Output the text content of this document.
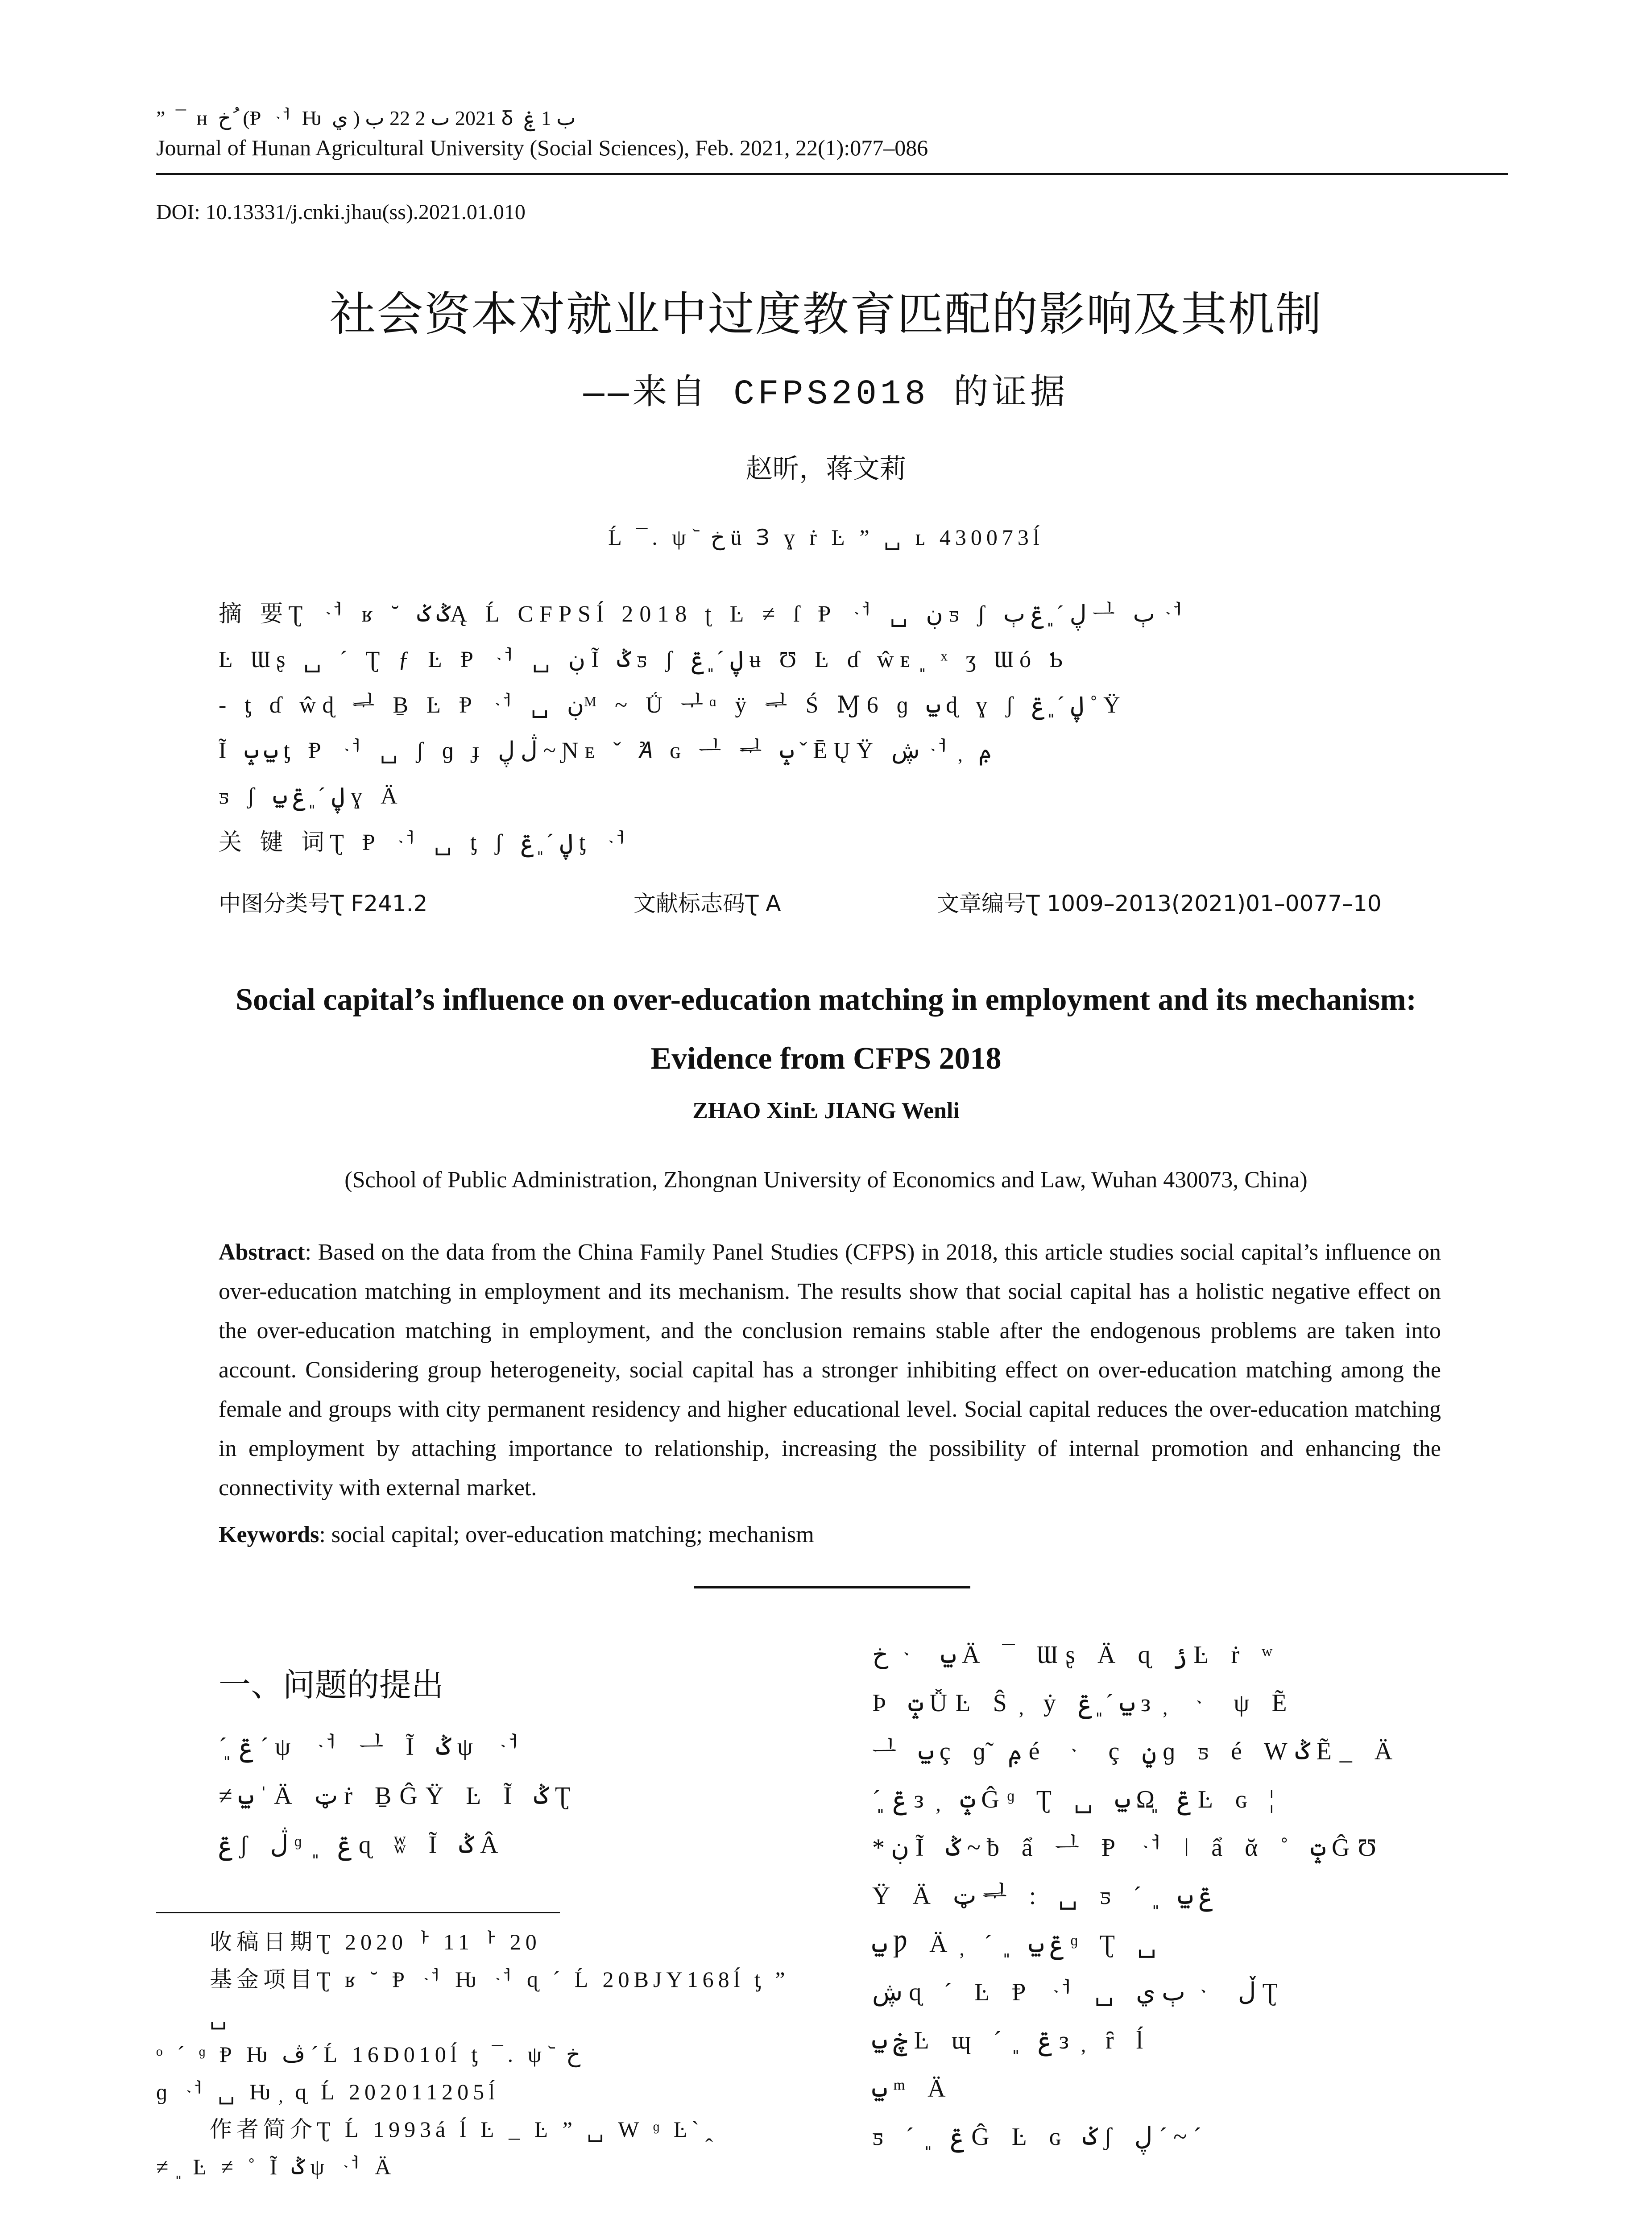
” ¯ ʜ خ ُ (Ᵽ ᆟ Ƕ ي ) 2021 ٮ 2 22 ب Ᵹ ب 1 ۼ
Journal of Hunan Agricultural University (Social Sciences), Feb. 2021, 22(1):077–086
DOI: 10.13331/j.cnki.jhau(ss).2021.01.010
社会资本对就业中过度教育匹配的影响及其机制
——来自 CFPS2018 的证据
赵昕，蒋文莉
Ĺ ¯. ψ ᷅ خ ü Ɜ ɣ ṙ Ŀ ” ␣ ʟ 430073ĺ
摘 要Ʈ ᆟ ʁ ˘ ݣ ݢĄ Ĺ CFPSĺ 2018 ʈ Ŀ ≠ ſ Ᵽ ᆟ ␣ ڹ ƽ ʃ ڸ ˊ ͈ ݝ ٻ ᆜ ٻ ᆟ
Ŀ Ɯʂ ␣ ˊ Ʈ ƒ Ŀ Ᵽ ᆟ ␣ ڹ Ĩ ݣ ƽ ʃ ڸ ˊ ͈ ݝ ʉ Ʊ Ŀ ɗ ŵᴇ ͈ ˣ ʒ Ɯó Ƅ
‐ ƫ ɗ ŵɖ ᆗ Ḇ Ŀ Ᵽ ᆟ ␣ ڹᴹ ~ Ǘ ᆛᵅ ÿ ᆗ Ś Ɱ6 ɡ ݐ ɖ ɣ ʃ ڸ ˊ ͈ ݝ ˚ Ÿ
Ĩ ݐ ݒ ƫ Ᵽ ᆟ ␣ ʃ ɡ ɟ ڷ ڸ ~ Ɲᴇ ˇ Ꞻ ɢ ᆜ ᆗ ݒ ˇ ĒŲŸ ڜ ᆟ ̦ ݦ
ƽ ʃ ڸ ˊ ͈ ݝ ݐ ɣ Ä
关 键 词Ʈ Ᵽ ᆟ ␣ ƫ ʃ ڸ ˊ ͈ ݝ ƫ ᆟ
中图分类号Ʈ F241.2	文献标志码Ʈ A	文章编号Ʈ 1009–2013(2021)01–0077–10
Social capital’s influence on over-education matching in employment and its mechanism:
Evidence from CFPS 2018
ZHAO XinĿ JIANG Wenli
(School of Public Administration, Zhongnan University of Economics and Law, Wuhan 430073, China)
Abstract: Based on the data from the China Family Panel Studies (CFPS) in 2018, this article studies social capital’s influence on over-education matching in employment and its mechanism. The results show that social capital has a holistic negative effect on the over-education matching in employment, and the conclusion remains stable after the endogenous problems are taken into account. Considering group heterogeneity, social capital has a stronger inhibiting effect on over-education matching among the female and groups with city permanent residency and higher educational level. Social capital reduces the over-education matching in employment by attaching importance to relationship, increasing the possibility of internal promotion and enhancing the connectivity with external market.
Keywords: social capital; over-education matching; mechanism
一、问题的提出
ˊ ͈ ݝ ˊ ψ ᆟ ᆜ Ĩ ݣ ψ ᆟ
≠ ݐ ˈ Ä ټ ṙ ḆĜŸ Ŀ Ĩ ݣ Ʈ
ݝ ʃ ڷ ᶢ ͈ ݝ ɋ ʬ Ĩ ݣ Â
收稿日期Ʈ 2020ᅡ 11ᅡ 20
基金项目Ʈ ʁ ˘ Ᵽ ᆟ Ƕ ᆟ ɋ ˊ Ĺ 20BJY168ĺ ƫ ” ␣
ᵒ ˊ ᶢ Ᵽ Ƕ ڤ ˊ Ĺ 16D010ĺ ƫ ¯. ψ ᷅ خ
ɡ ᆟ ␣ Ƕ ̦ ɋ Ĺ 202011205ĺ
作者简介Ʈ Ĺ 1993á ĺ Ŀ _ Ŀ ” ␣ W ᶢ Ŀˋ ̭
≠ ͈ Ŀ ≠ ˚ Ĩ ݣ ψ ᆟ Ä
خ ᆞ ݐ Ä ¯ Ɯʂ Ä ɋ ݬ Ŀ ṙ ʷ
Þ ݓ ǙĿ Ŝ ̦ ẏ ݐ ˊ ͈ ݝ ᴈ ̦ ᆞ ψ Ẽ
ᆜ ݐ ç ɡ̃ ݦ é ᆞ ç ݧ ɡ ƽ é Wݣ Ẽ_ Ä
ˊ ͈ ݝ ᴈ ̦ ݓ Ĝᶢ Ʈ ␣ ݐ Ω͈ ݝ Ŀ ɢ ¦
* ڹ Ĩ ݣ ~ ƀ ẩ ᆜ Ᵽ ᆟ ǀ ẩ ᾰ ˚ ݓ ĜƱ
Ÿ Ä ټ ᆗ : ␣ ƽ ˊ ͈ ݝ ݐ
ݐ Ƿ Ä ̦ ˊ ͈ ݝ ݐ ᶢ Ʈ ␣
ڜ ɋ ˊ Ŀ Ᵽ ᆟ ␣ ٻ ي ᆞ ڵ Ʈ
ڿ ݐ Ŀ ɰ ˊ ͈ ݝ ᴈ ̦ ȓ ĺ
ݐ ᵐ Ä
ƽ ˊ ͈ ݝ Ĝ Ŀ ɢ ݢ ʃ ڸ ˊ ~ ˊ
